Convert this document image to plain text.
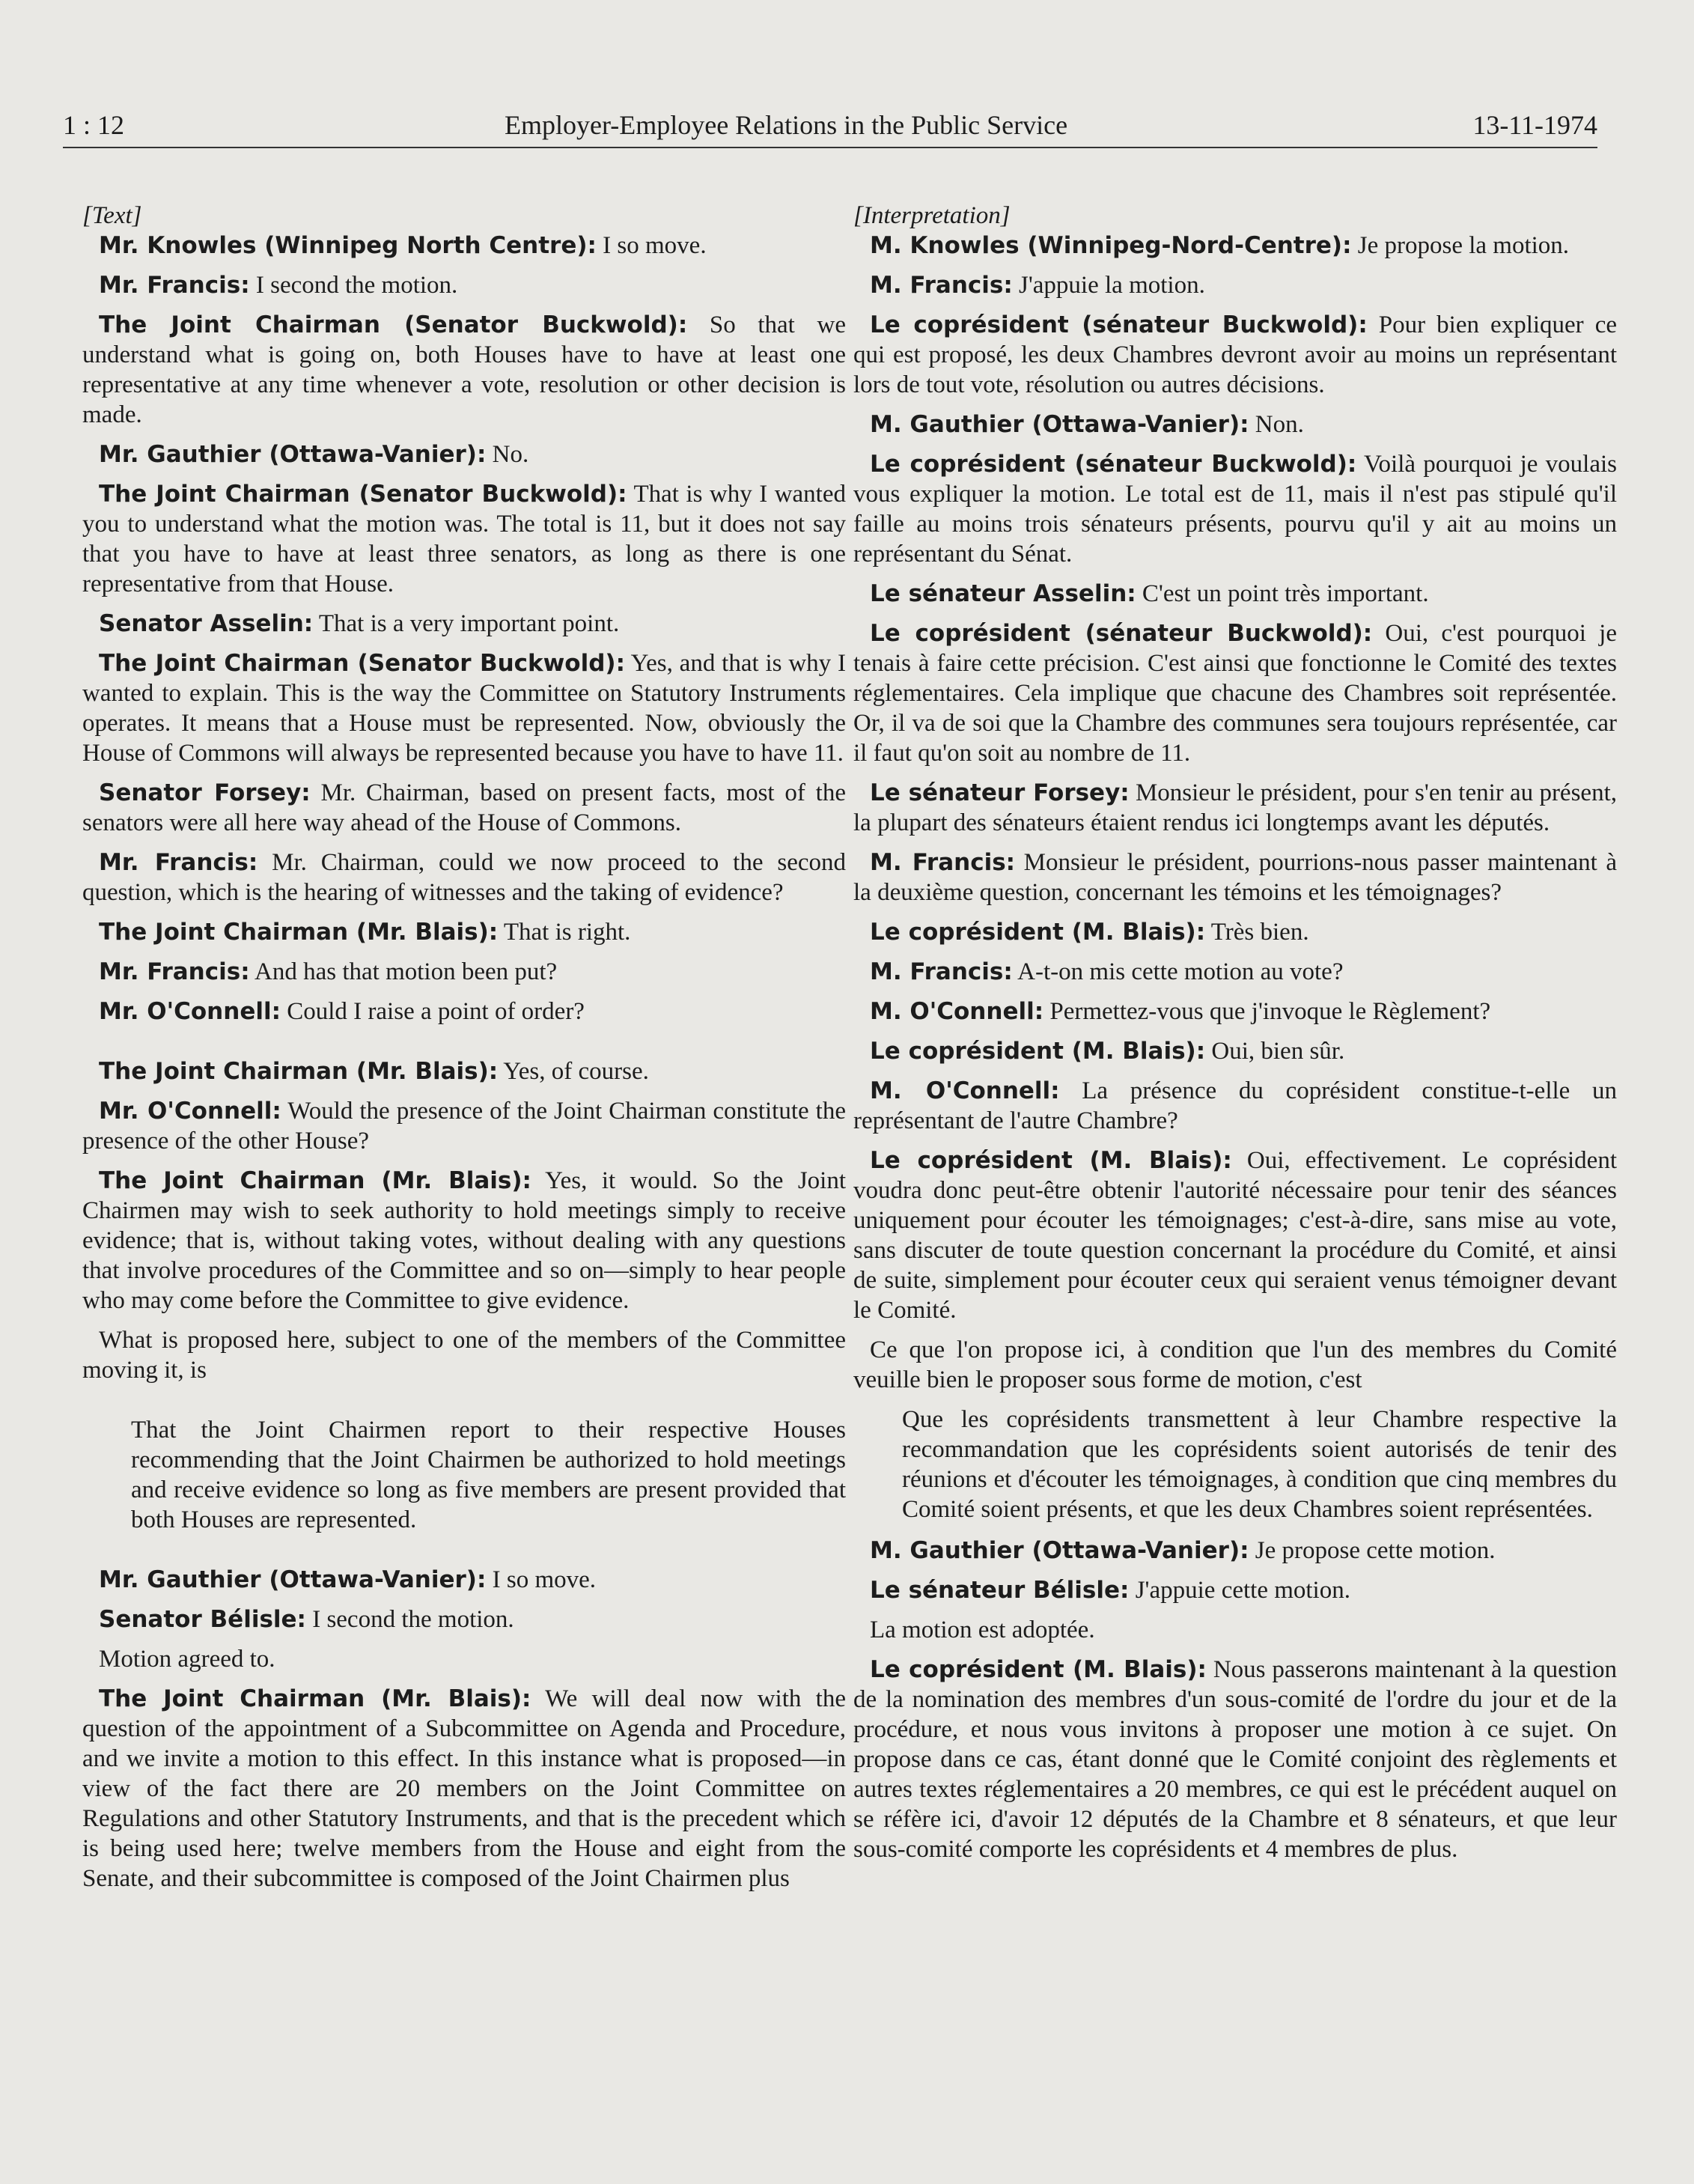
1 : 12	Employer-Employee Relations in the Public Service	13-11-1974

[Text]

Mr. Knowles (Winnipeg North Centre): I so move.

Mr. Francis: I second the motion.

The Joint Chairman (Senator Buckwold): So that we understand what is going on, both Houses have to have at least one representative at any time whenever a vote, resolution or other decision is made.

Mr. Gauthier (Ottawa-Vanier): No.

The Joint Chairman (Senator Buckwold): That is why I wanted you to understand what the motion was. The total is 11, but it does not say that you have to have at least three senators, as long as there is one representative from that House.

Senator Asselin: That is a very important point.

The Joint Chairman (Senator Buckwold): Yes, and that is why I wanted to explain. This is the way the Committee on Statutory Instruments operates. It means that a House must be represented. Now, obviously the House of Commons will always be represented because you have to have 11.

Senator Forsey: Mr. Chairman, based on present facts, most of the senators were all here way ahead of the House of Commons.

Mr. Francis: Mr. Chairman, could we now proceed to the second question, which is the hearing of witnesses and the taking of evidence?

The Joint Chairman (Mr. Blais): That is right.

Mr. Francis: And has that motion been put?

Mr. O'Connell: Could I raise a point of order?

The Joint Chairman (Mr. Blais): Yes, of course.

Mr. O'Connell: Would the presence of the Joint Chairman constitute the presence of the other House?

The Joint Chairman (Mr. Blais): Yes, it would. So the Joint Chairmen may wish to seek authority to hold meetings simply to receive evidence; that is, without taking votes, without dealing with any questions that involve procedures of the Committee and so on—simply to hear people who may come before the Committee to give evidence.

What is proposed here, subject to one of the members of the Committee moving it, is

That the Joint Chairmen report to their respective Houses recommending that the Joint Chairmen be authorized to hold meetings and receive evidence so long as five members are present provided that both Houses are represented.

Mr. Gauthier (Ottawa-Vanier): I so move.

Senator Bélisle: I second the motion.

Motion agreed to.

The Joint Chairman (Mr. Blais): We will deal now with the question of the appointment of a Subcommittee on Agenda and Procedure, and we invite a motion to this effect. In this instance what is proposed—in view of the fact there are 20 members on the Joint Committee on Regulations and other Statutory Instruments, and that is the precedent which is being used here; twelve members from the House and eight from the Senate, and their subcommittee is composed of the Joint Chairmen plus

[Interpretation]

M. Knowles (Winnipeg-Nord-Centre): Je propose la motion.

M. Francis: J'appuie la motion.

Le coprésident (sénateur Buckwold): Pour bien expliquer ce qui est proposé, les deux Chambres devront avoir au moins un représentant lors de tout vote, résolution ou autres décisions.

M. Gauthier (Ottawa-Vanier): Non.

Le coprésident (sénateur Buckwold): Voilà pourquoi je voulais vous expliquer la motion. Le total est de 11, mais il n'est pas stipulé qu'il faille au moins trois sénateurs présents, pourvu qu'il y ait au moins un représentant du Sénat.

Le sénateur Asselin: C'est un point très important.

Le coprésident (sénateur Buckwold): Oui, c'est pourquoi je tenais à faire cette précision. C'est ainsi que fonctionne le Comité des textes réglementaires. Cela implique que chacune des Chambres soit représentée. Or, il va de soi que la Chambre des communes sera toujours représentée, car il faut qu'on soit au nombre de 11.

Le sénateur Forsey: Monsieur le président, pour s'en tenir au présent, la plupart des sénateurs étaient rendus ici longtemps avant les députés.

M. Francis: Monsieur le président, pourrions-nous passer maintenant à la deuxième question, concernant les témoins et les témoignages?

Le coprésident (M. Blais): Très bien.

M. Francis: A-t-on mis cette motion au vote?

M. O'Connell: Permettez-vous que j'invoque le Règlement?

Le coprésident (M. Blais): Oui, bien sûr.

M. O'Connell: La présence du coprésident constitue-t-elle un représentant de l'autre Chambre?

Le coprésident (M. Blais): Oui, effectivement. Le coprésident voudra donc peut-être obtenir l'autorité nécessaire pour tenir des séances uniquement pour écouter les témoignages; c'est-à-dire, sans mise au vote, sans discuter de toute question concernant la procédure du Comité, et ainsi de suite, simplement pour écouter ceux qui seraient venus témoigner devant le Comité.

Ce que l'on propose ici, à condition que l'un des membres du Comité veuille bien le proposer sous forme de motion, c'est

Que les coprésidents transmettent à leur Chambre respective la recommandation que les coprésidents soient autorisés de tenir des réunions et d'écouter les témoignages, à condition que cinq membres du Comité soient présents, et que les deux Chambres soient représentées.

M. Gauthier (Ottawa-Vanier): Je propose cette motion.

Le sénateur Bélisle: J'appuie cette motion.

La motion est adoptée.

Le coprésident (M. Blais): Nous passerons maintenant à la question de la nomination des membres d'un sous-comité de l'ordre du jour et de la procédure, et nous vous invitons à proposer une motion à ce sujet. On propose dans ce cas, étant donné que le Comité conjoint des règlements et autres textes réglementaires a 20 membres, ce qui est le précédent auquel on se réfère ici, d'avoir 12 députés de la Chambre et 8 sénateurs, et que leur sous-comité comporte les coprésidents et 4 membres de plus.
